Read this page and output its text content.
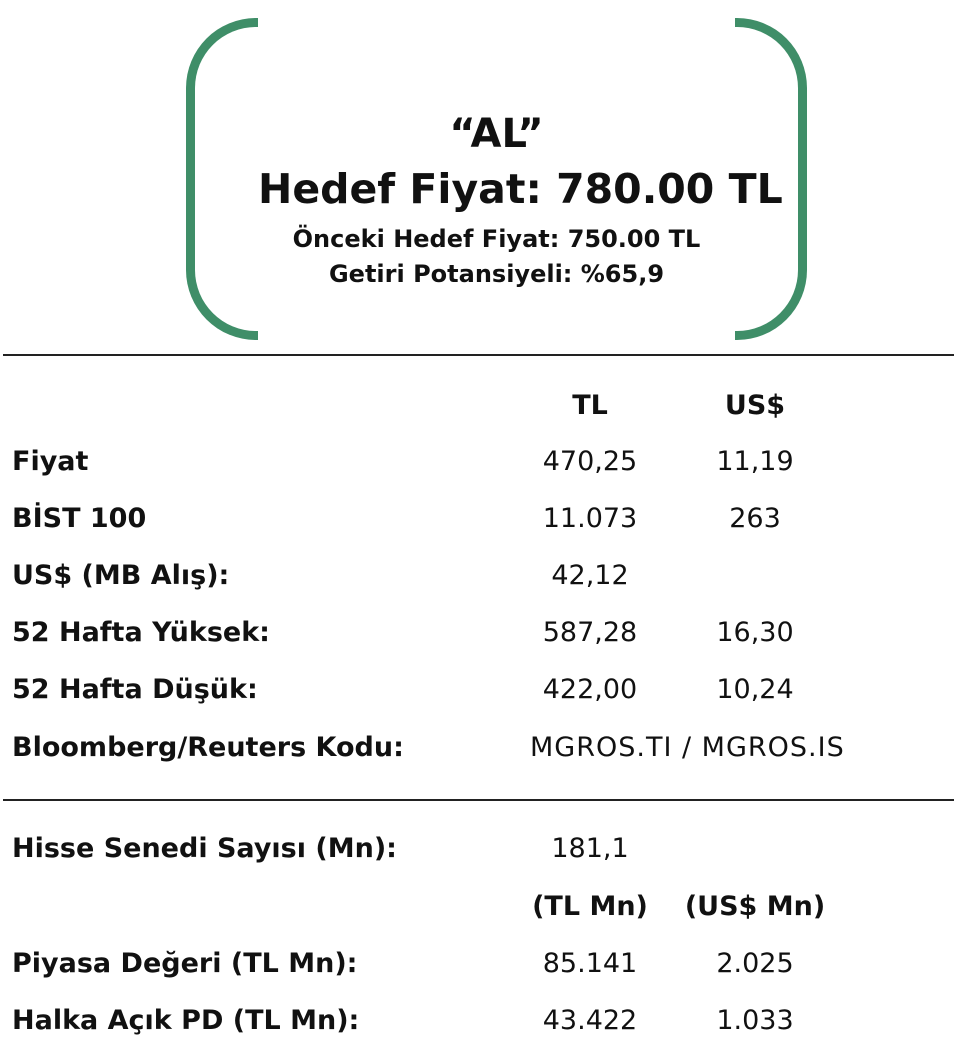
“AL”
Hedef Fiyat: 780.00 TL
Önceki Hedef Fiyat: 750.00 TL
Getiri Potansiyeli: %65,9
TL	US$
Fiyat	470,25	11,19
BİST 100	11.073	263
US$ (MB Alış):	42,12
52 Hafta Yüksek:	587,28	16,30
52 Hafta Düşük:	422,00	10,24
Bloomberg/Reuters Kodu:	MGROS.TI / MGROS.IS
Hisse Senedi Sayısı (Mn):	181,1
(TL Mn)	(US$ Mn)
Piyasa Değeri (TL Mn):	85.141	2.025
Halka Açık PD (TL Mn):	43.422	1.033
